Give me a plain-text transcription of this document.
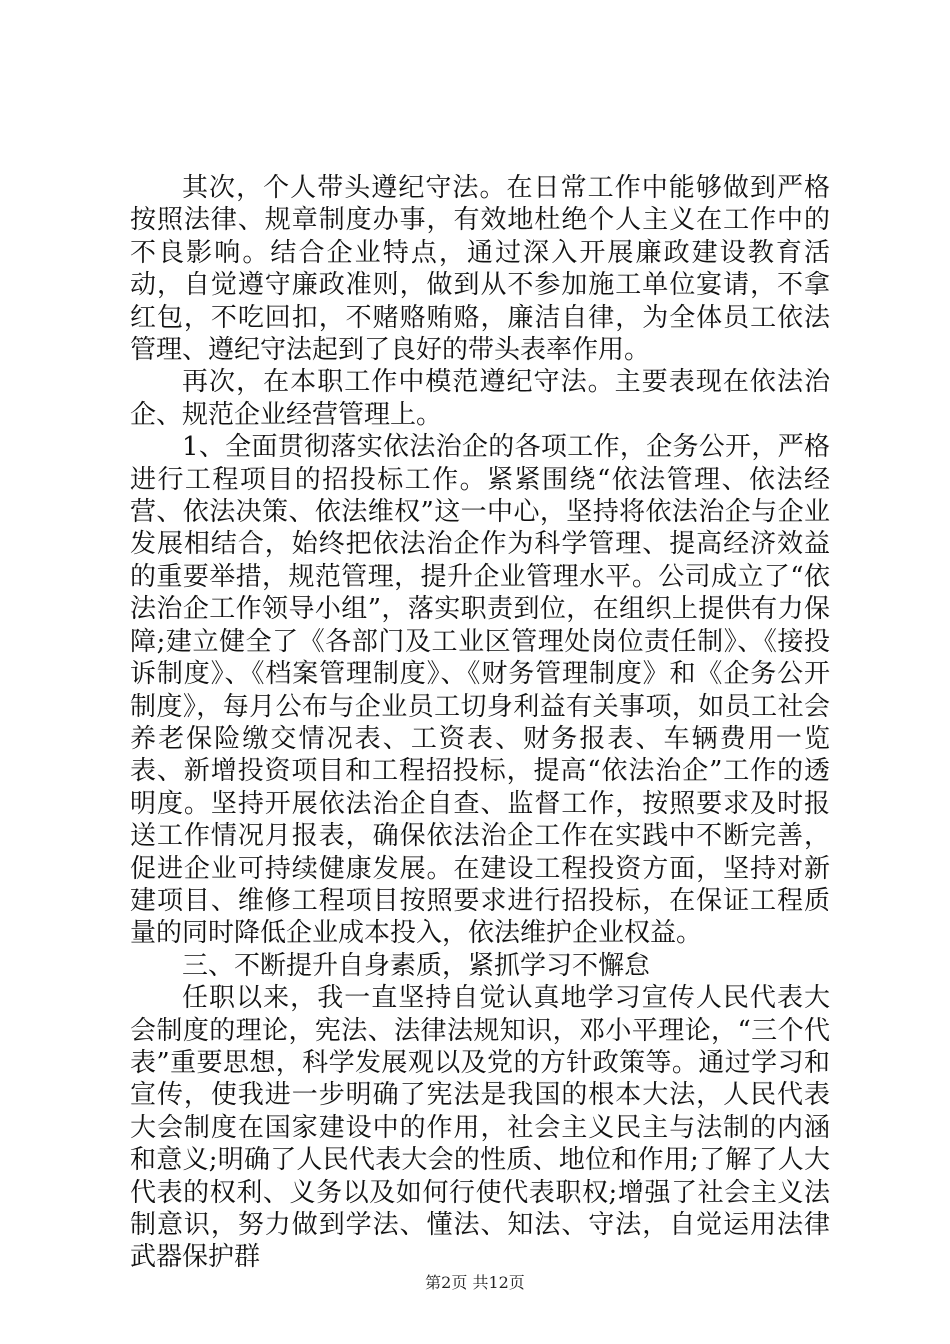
其次，个人带头遵纪守法。在日常工作中能够做到严格按照法律、规章制度办事，有效地杜绝个人主义在工作中的不良影响。结合企业特点，通过深入开展廉政建设教育活动，自觉遵守廉政准则，做到从不参加施工单位宴请，不拿红包，不吃回扣，不赌赂贿赂，廉洁自律，为全体员工依法管理、遵纪守法起到了良好的带头表率作用。

再次，在本职工作中模范遵纪守法。主要表现在依法治企、规范企业经营管理上。

1、全面贯彻落实依法治企的各项工作，企务公开，严格进行工程项目的招投标工作。紧紧围绕“依法管理、依法经营、依法决策、依法维权”这一中心，坚持将依法治企与企业发展相结合，始终把依法治企作为科学管理、提高经济效益的重要举措，规范管理，提升企业管理水平。公司成立了“依法治企工作领导小组”，落实职责到位，在组织上提供有力保障;建立健全了《各部门及工业区管理处岗位责任制》、《接投诉制度》、《档案管理制度》、《财务管理制度》和《企务公开制度》，每月公布与企业员工切身利益有关事项，如员工社会养老保险缴交情况表、工资表、财务报表、车辆费用一览表、新增投资项目和工程招投标，提高“依法治企”工作的透明度。坚持开展依法治企自查、监督工作，按照要求及时报送工作情况月报表，确保依法治企工作在实践中不断完善，促进企业可持续健康发展。在建设工程投资方面，坚持对新建项目、维修工程项目按照要求进行招投标，在保证工程质量的同时降低企业成本投入，依法维护企业权益。

三、不断提升自身素质，紧抓学习不懈怠

任职以来，我一直坚持自觉认真地学习宣传人民代表大会制度的理论，宪法、法律法规知识，邓小平理论，“三个代表”重要思想，科学发展观以及党的方针政策等。通过学习和宣传，使我进一步明确了宪法是我国的根本大法，人民代表大会制度在国家建设中的作用，社会主义民主与法制的内涵和意义;明确了人民代表大会的性质、地位和作用;了解了人大代表的权利、义务以及如何行使代表职权;增强了社会主义法制意识，努力做到学法、懂法、知法、守法，自觉运用法律武器保护群

第2页 共12页
